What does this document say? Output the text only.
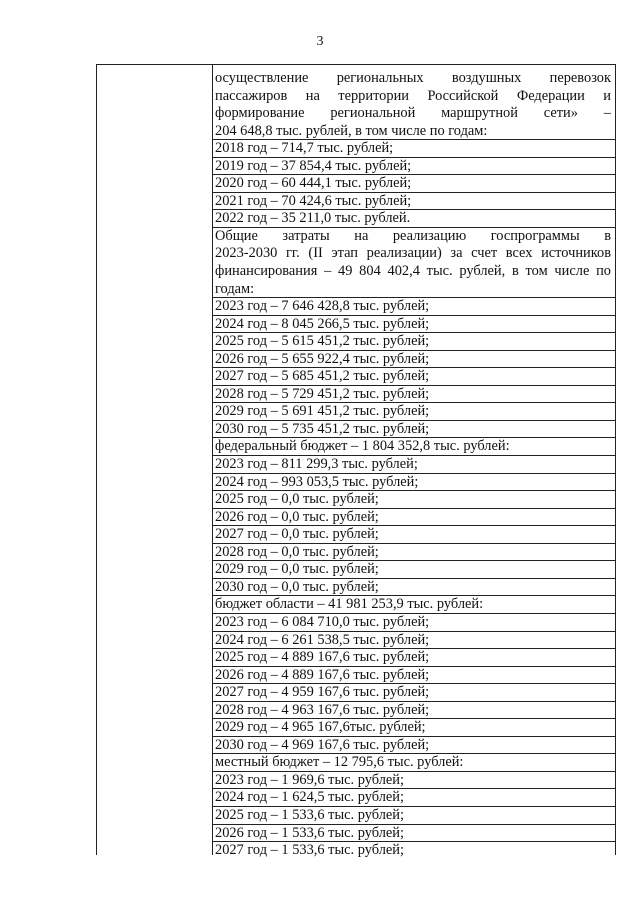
3
осуществление региональных воздушных перевозок
пассажиров на территории Российской Федерации и
формирование региональной маршрутной сети» –
204 648,8 тыс. рублей, в том числе по годам:
2018 год – 714,7 тыс. рублей;
2019 год – 37 854,4 тыс. рублей;
2020 год – 60 444,1 тыс. рублей;
2021 год – 70 424,6 тыс. рублей;
2022 год – 35 211,0 тыс. рублей.
Общие затраты на реализацию госпрограммы в
2023-2030 гг. (II этап реализации) за счет всех источников
финансирования – 49 804 402,4 тыс. рублей, в том числе по
годам:
2023 год – 7 646 428,8 тыс. рублей;
2024 год – 8 045 266,5 тыс. рублей;
2025 год – 5 615 451,2 тыс. рублей;
2026 год – 5 655 922,4 тыс. рублей;
2027 год – 5 685 451,2 тыс. рублей;
2028 год – 5 729 451,2 тыс. рублей;
2029 год – 5 691 451,2 тыс. рублей;
2030 год – 5 735 451,2 тыс. рублей;
федеральный бюджет – 1 804 352,8 тыс. рублей:
2023 год – 811 299,3 тыс. рублей;
2024 год – 993 053,5 тыс. рублей;
2025 год – 0,0 тыс. рублей;
2026 год – 0,0 тыс. рублей;
2027 год – 0,0 тыс. рублей;
2028 год – 0,0 тыс. рублей;
2029 год – 0,0 тыс. рублей;
2030 год – 0,0 тыс. рублей;
бюджет области – 41 981 253,9 тыс. рублей:
2023 год – 6 084 710,0 тыс. рублей;
2024 год – 6 261 538,5 тыс. рублей;
2025 год – 4 889 167,6 тыс. рублей;
2026 год – 4 889 167,6 тыс. рублей;
2027 год – 4 959 167,6 тыс. рублей;
2028 год – 4 963 167,6 тыс. рублей;
2029 год – 4 965 167,6тыс. рублей;
2030 год – 4 969 167,6 тыс. рублей;
местный бюджет – 12 795,6 тыс. рублей:
2023 год – 1 969,6 тыс. рублей;
2024 год – 1 624,5 тыс. рублей;
2025 год – 1 533,6 тыс. рублей;
2026 год – 1 533,6 тыс. рублей;
2027 год – 1 533,6 тыс. рублей;
